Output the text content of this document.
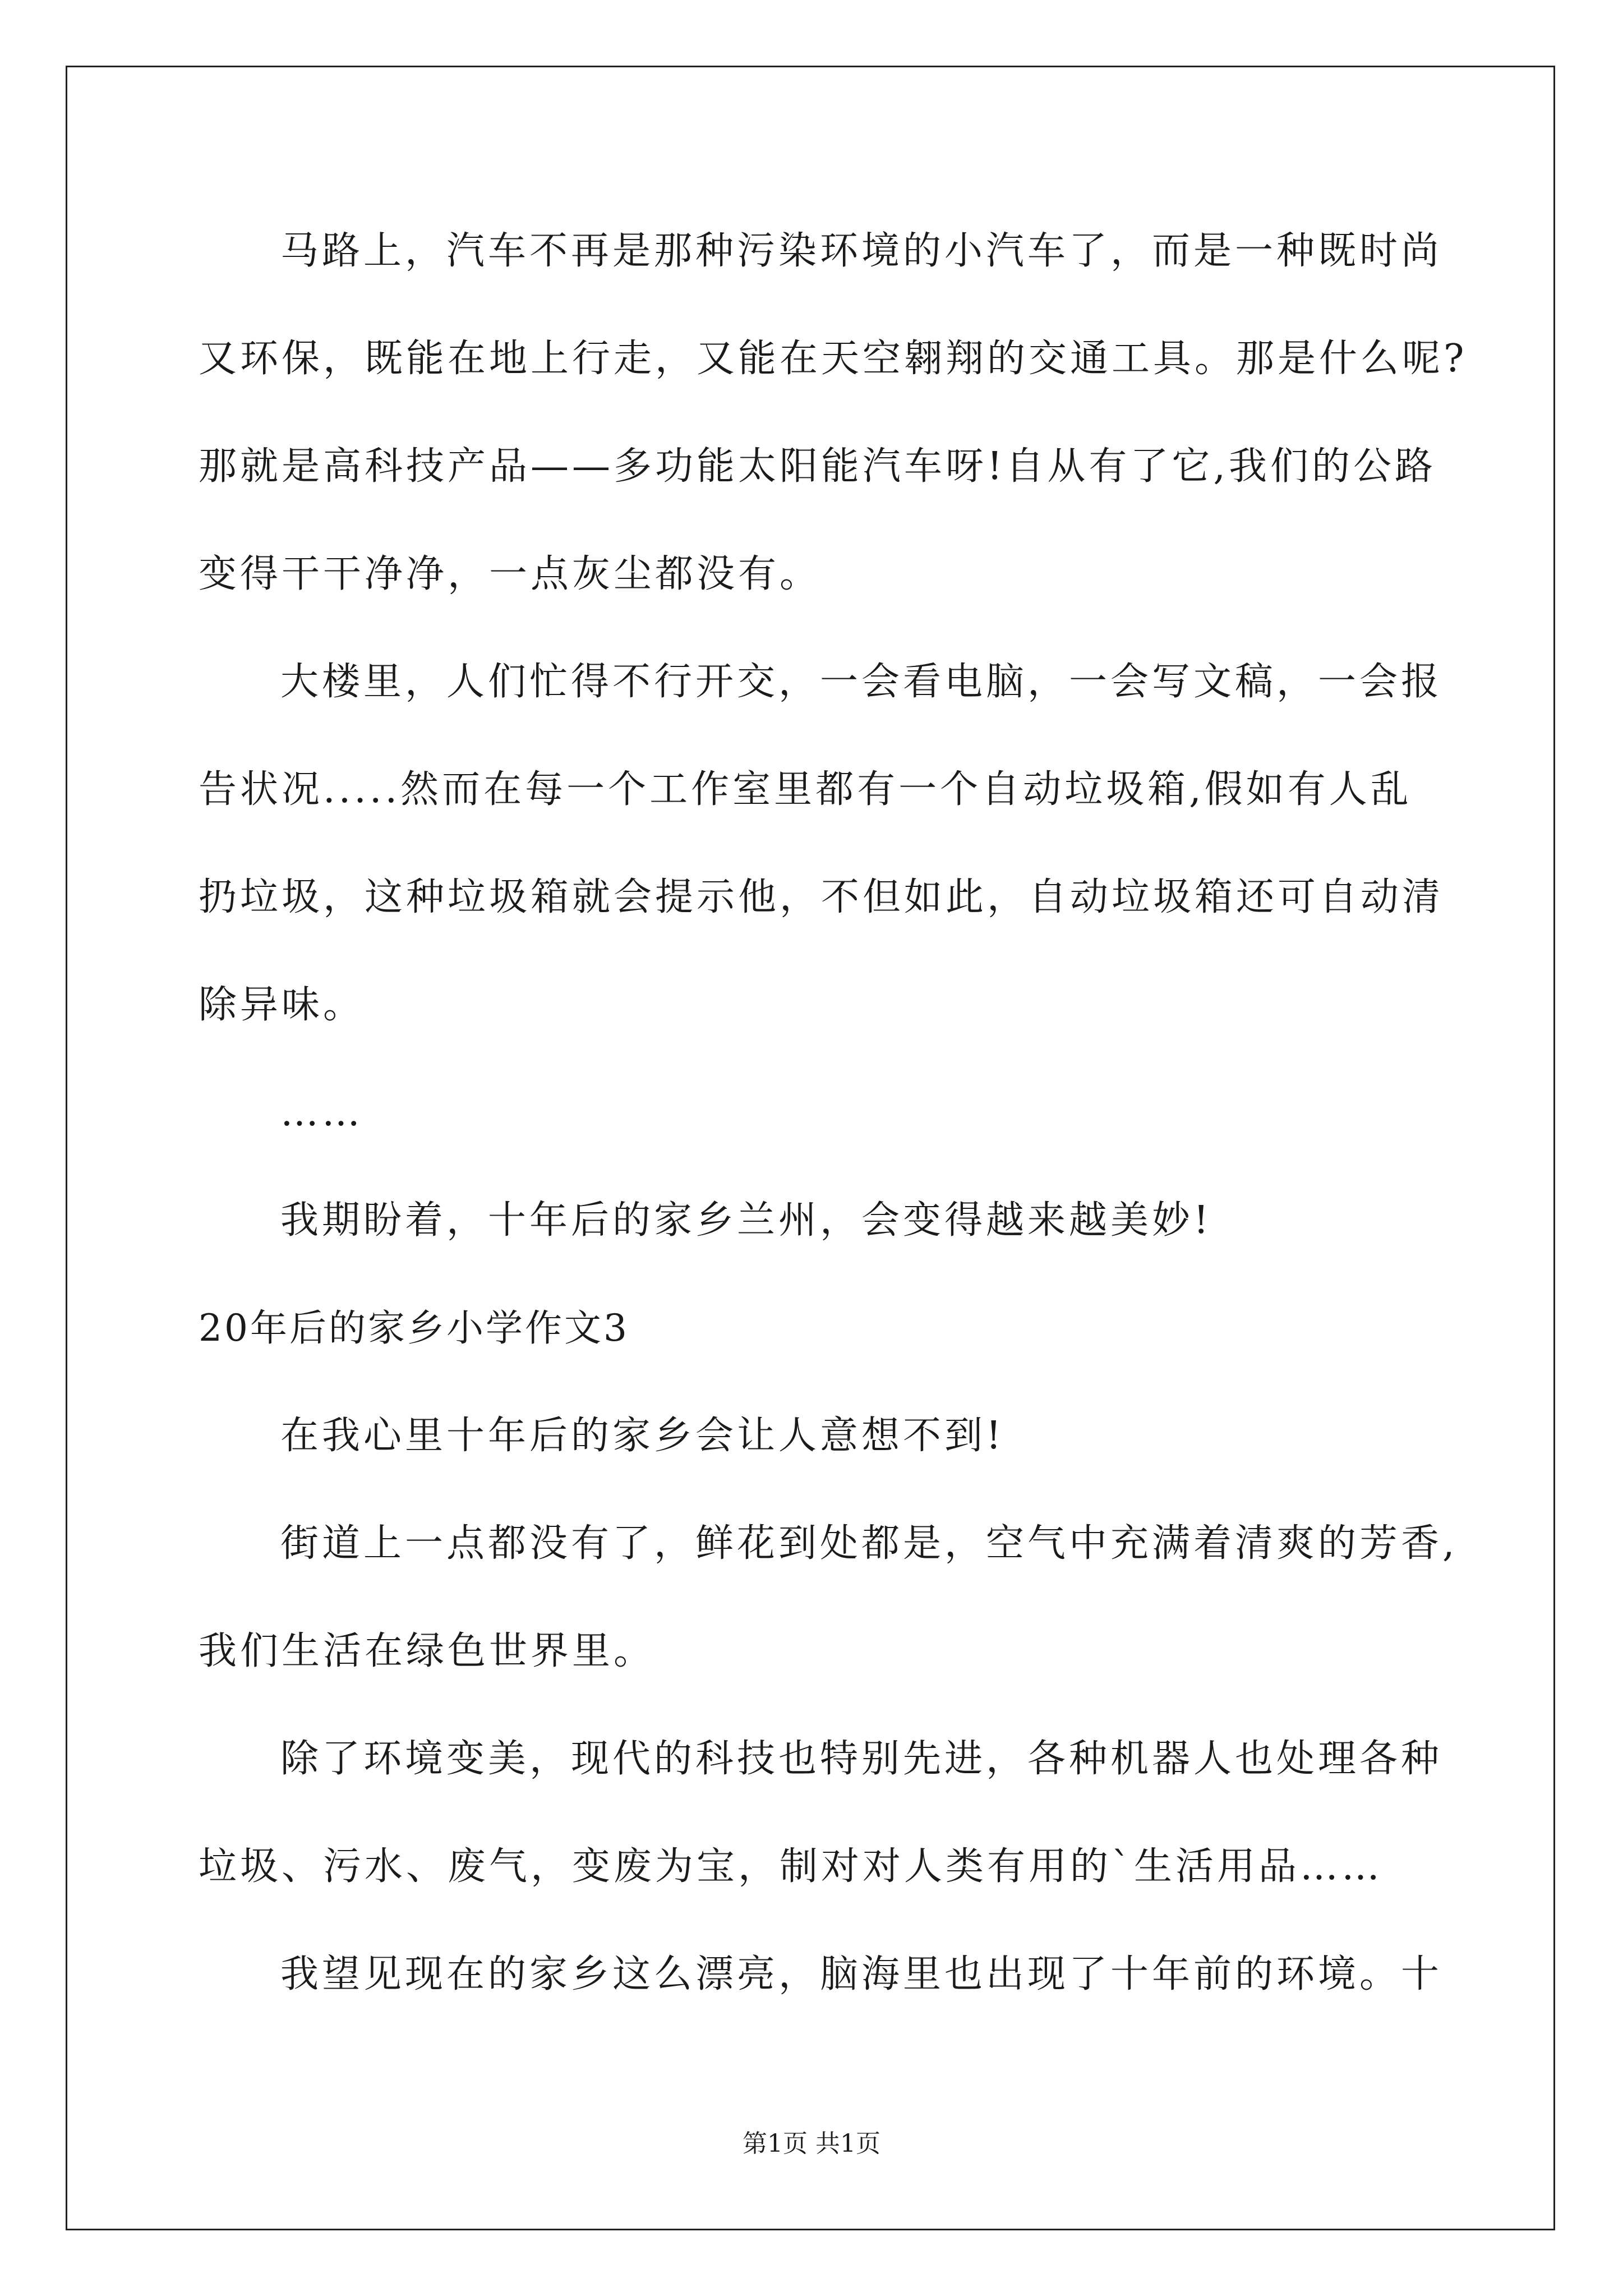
马路上，汽车不再是那种污染环境的小汽车了，而是一种既时尚
又环保，既能在地上行走，又能在天空翱翔的交通工具。那是什么呢?
那就是高科技产品——多功能太阳能汽车呀!自从有了它,我们的公路
变得干干净净，一点灰尘都没有。
大楼里，人们忙得不行开交，一会看电脑，一会写文稿，一会报
告状况.....然而在每一个工作室里都有一个自动垃圾箱,假如有人乱
扔垃圾，这种垃圾箱就会提示他，不但如此，自动垃圾箱还可自动清
除异味。
……
我期盼着，十年后的家乡兰州，会变得越来越美妙!
20年后的家乡小学作文3
在我心里十年后的家乡会让人意想不到!
街道上一点都没有了，鲜花到处都是，空气中充满着清爽的芳香,
我们生活在绿色世界里。
除了环境变美，现代的科技也特别先进，各种机器人也处理各种
垃圾、污水、废气，变废为宝，制对对人类有用的`生活用品……
我望见现在的家乡这么漂亮，脑海里也出现了十年前的环境。十
第1页 共1页
